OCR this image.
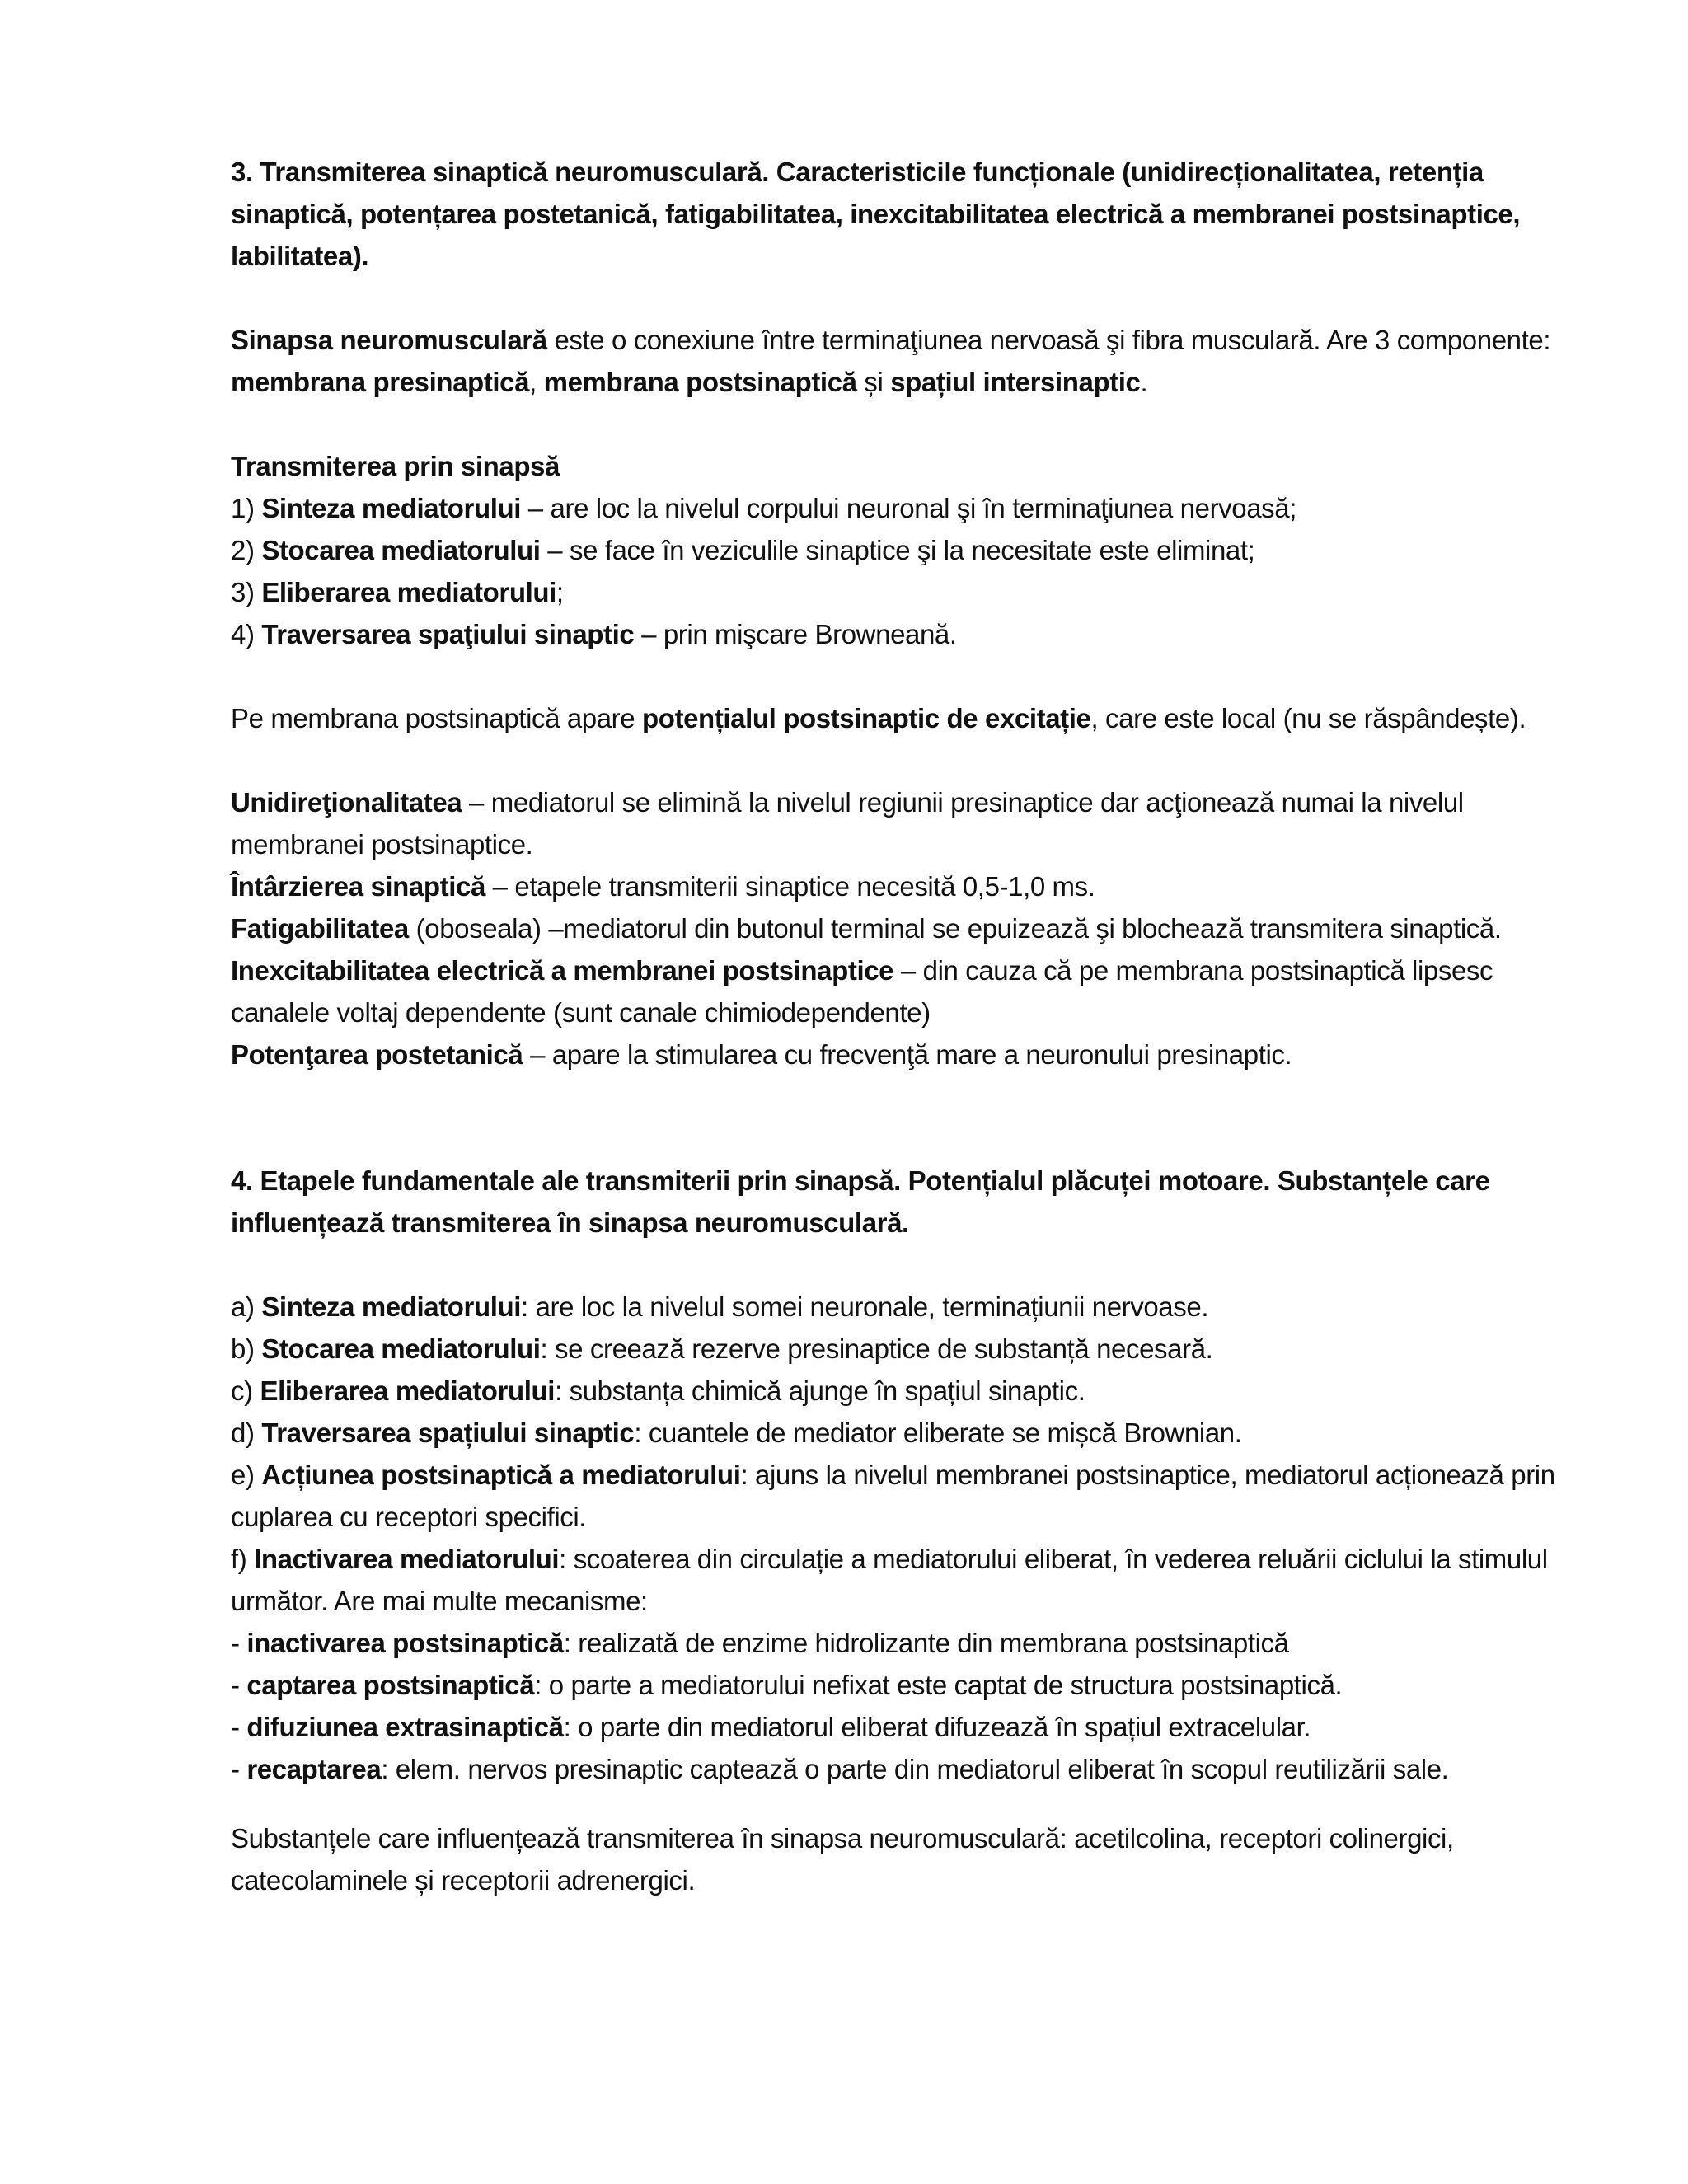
3. Transmiterea sinaptică neuromusculară. Caracteristicile funcționale (unidirecționalitatea, retenția sinaptică, potențarea postetanică, fatigabilitatea, inexcitabilitatea electrică a membranei postsinaptice, labilitatea).

Sinapsa neuromusculară este o conexiune între terminaţiunea nervoasă şi fibra musculară. Are 3 componente: membrana presinaptică, membrana postsinaptică și spațiul intersinaptic.

Transmiterea prin sinapsă

1) Sinteza mediatorului – are loc la nivelul corpului neuronal şi în terminaţiunea nervoasă;

2) Stocarea mediatorului – se face în veziculile sinaptice şi la necesitate este eliminat;

3) Eliberarea mediatorului;

4) Traversarea spaţiului sinaptic – prin mişcare Browneană.

Pe membrana postsinaptică apare potențialul postsinaptic de excitație, care este local (nu se răspândește).

Unidireţionalitatea – mediatorul se elimină la nivelul regiunii presinaptice dar acţionează numai la nivelul membranei postsinaptice.

Întârzierea sinaptică – etapele transmiterii sinaptice necesită 0,5-1,0 ms.

Fatigabilitatea (oboseala) –mediatorul din butonul terminal se epuizează şi blochează transmitera sinaptică.

Inexcitabilitatea electrică a membranei postsinaptice – din cauza că pe membrana postsinaptică lipsesc canalele voltaj dependente (sunt canale chimiodependente)

Potenţarea postetanică – apare la stimularea cu frecvenţă mare a neuronului presinaptic.

4. Etapele fundamentale ale transmiterii prin sinapsă. Potențialul plăcuței motoare. Substanțele care influențează transmiterea în sinapsa neuromusculară.

a) Sinteza mediatorului: are loc la nivelul somei neuronale, terminațiunii nervoase.

b) Stocarea mediatorului: se creează rezerve presinaptice de substanță necesară.

c) Eliberarea mediatorului: substanța chimică ajunge în spațiul sinaptic.

d) Traversarea spațiului sinaptic: cuantele de mediator eliberate se mișcă Brownian.

e) Acțiunea postsinaptică a mediatorului: ajuns la nivelul membranei postsinaptice, mediatorul acționează prin cuplarea cu receptori specifici.

f) Inactivarea mediatorului: scoaterea din circulație a mediatorului eliberat, în vederea reluării ciclului la stimulul următor. Are mai multe mecanisme:

- inactivarea postsinaptică: realizată de enzime hidrolizante din membrana postsinaptică

- captarea postsinaptică: o parte a mediatorului nefixat este captat de structura postsinaptică.

- difuziunea extrasinaptică: o parte din mediatorul eliberat difuzează în spațiul extracelular.

- recaptarea: elem. nervos presinaptic captează o parte din mediatorul eliberat în scopul reutilizării sale.

Substanțele care influențează transmiterea în sinapsa neuromusculară: acetilcolina, receptori colinergici, catecolaminele și receptorii adrenergici.
